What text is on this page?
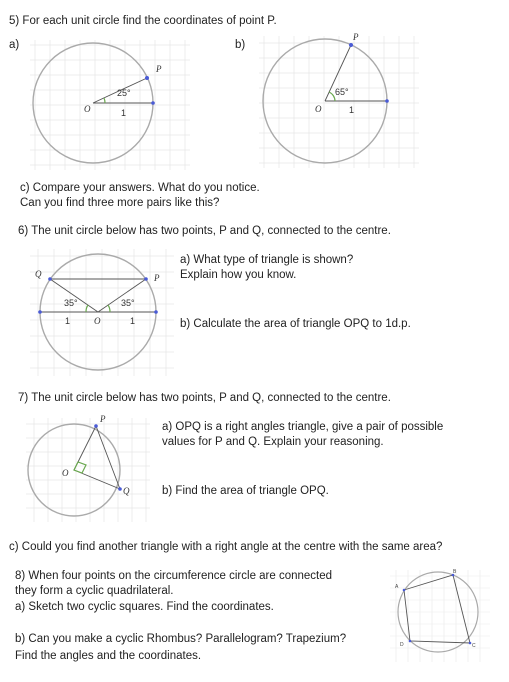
5) For each unit circle find the coordinates of point P.
a)	b)
25°
1
O
P
65°
1
O
P
c) Compare your answers. What do you notice.
Can you find three more pairs like this?
6) The unit circle below has two points, P and Q, connected to the centre.
35°	35°
1	1
O
Q	P
a) What type of triangle is shown?
Explain how you know.
b) Calculate the area of triangle OPQ to 1d.p.
7) The unit circle below has two points, P and Q, connected to the centre.
O
P
Q
a) OPQ is a right angles triangle, give a pair of possible
values for P and Q. Explain your reasoning.
b) Find the area of triangle OPQ.
c) Could you find another triangle with a right angle at the centre with the same area?
8) When four points on the circumference circle are connected
they form a cyclic quadrilateral.
a) Sketch two cyclic squares. Find the coordinates.
b) Can you make a cyclic Rhombus? Parallelogram? Trapezium?
Find the angles and the coordinates.
A
B
C
D
